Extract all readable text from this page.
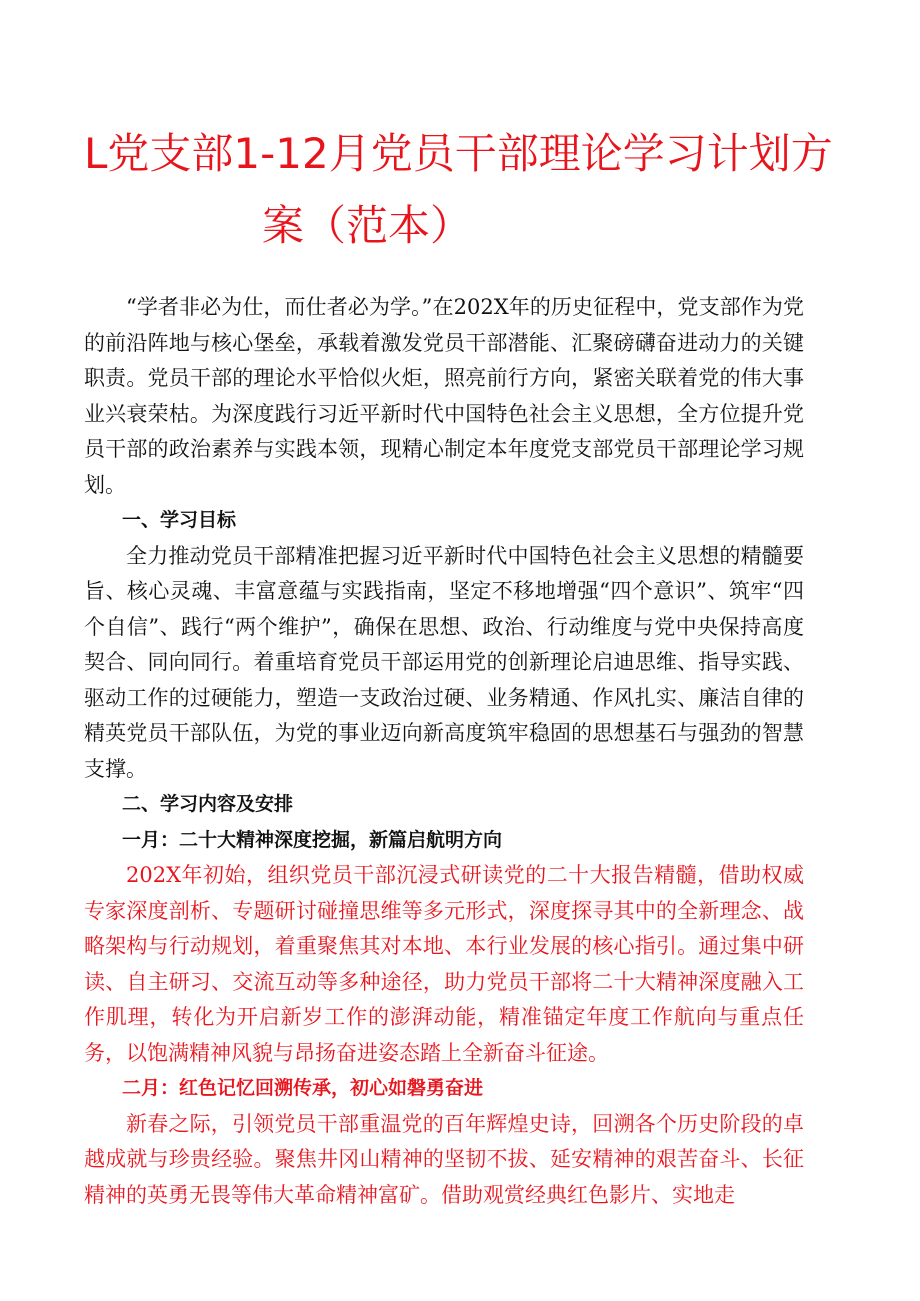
L党支部1-12月党员干部理论学习计划方
案（范本）

“学者非必为仕，而仕者必为学。”在202X年的历史征程中，党支部作为党的前沿阵地与核心堡垒，承载着激发党员干部潜能、汇聚磅礴奋进动力的关键职责。党员干部的理论水平恰似火炬，照亮前行方向，紧密关联着党的伟大事业兴衰荣枯。为深度践行习近平新时代中国特色社会主义思想，全方位提升党员干部的政治素养与实践本领，现精心制定本年度党支部党员干部理论学习规划。

一、学习目标

全力推动党员干部精准把握习近平新时代中国特色社会主义思想的精髓要旨、核心灵魂、丰富意蕴与实践指南，坚定不移地增强“四个意识”、筑牢“四个自信”、践行“两个维护”，确保在思想、政治、行动维度与党中央保持高度契合、同向同行。着重培育党员干部运用党的创新理论启迪思维、指导实践、驱动工作的过硬能力，塑造一支政治过硬、业务精通、作风扎实、廉洁自律的精英党员干部队伍，为党的事业迈向新高度筑牢稳固的思想基石与强劲的智慧支撑。

二、学习内容及安排

一月：二十大精神深度挖掘，新篇启航明方向

202X年初始，组织党员干部沉浸式研读党的二十大报告精髓，借助权威专家深度剖析、专题研讨碰撞思维等多元形式，深度探寻其中的全新理念、战略架构与行动规划，着重聚焦其对本地、本行业发展的核心指引。通过集中研读、自主研习、交流互动等多种途径，助力党员干部将二十大精神深度融入工作肌理，转化为开启新岁工作的澎湃动能，精准锚定年度工作航向与重点任务，以饱满精神风貌与昂扬奋进姿态踏上全新奋斗征途。

二月：红色记忆回溯传承，初心如磐勇奋进

新春之际，引领党员干部重温党的百年辉煌史诗，回溯各个历史阶段的卓越成就与珍贵经验。聚焦井冈山精神的坚韧不拔、延安精神的艰苦奋斗、长征精神的英勇无畏等伟大革命精神富矿。借助观赏经典红色影片、实地走
